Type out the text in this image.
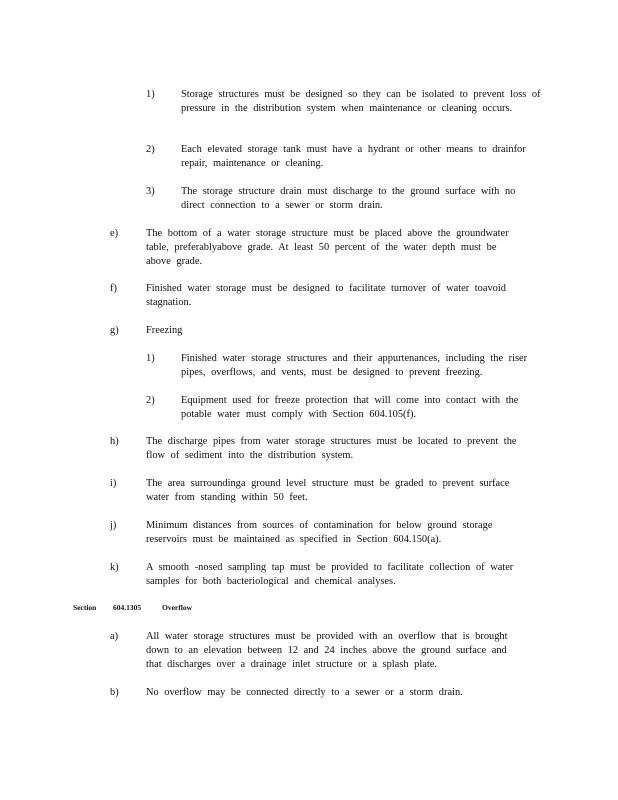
1)	Storage structures must be designed so they can be isolated to prevent loss of pressure in the distribution system when maintenance or cleaning occurs.
2)	Each elevated storage tank must have a hydrant or other means to drainfor repair, maintenance or cleaning.
3)	The storage structure drain must discharge to the ground surface with no direct connection to a sewer or storm drain.
e)	The bottom of a water storage structure must be placed above the groundwater table, preferablyabove grade. At least 50 percent of the water depth must be above grade.
f)	Finished water storage must be designed to facilitate turnover of water toavoid stagnation.
g)	Freezing
1)	Finished water storage structures and their appurtenances, including the riser pipes, overflows, and vents, must be designed to prevent freezing.
2)	Equipment used for freeze protection that will come into contact with the potable water must comply with Section 604.105(f).
h)	The discharge pipes from water storage structures must be located to prevent the flow of sediment into the distribution system.
i)	The area surroundinga ground level structure must be graded to prevent surface water from standing within 50 feet.
j)	Minimum distances from sources of contamination for below ground storage reservoirs must be maintained as specified in Section 604.150(a).
k)	A smooth -nosed sampling tap must be provided to facilitate collection of water samples for both bacteriological and chemical analyses.
Section 604.1305	Overflow
a)	All water storage structures must be provided with an overflow that is brought down to an elevation between 12 and 24 inches above the ground surface and that discharges over a drainage inlet structure or a splash plate.
b)	No overflow may be connected directly to a sewer or a storm drain.
